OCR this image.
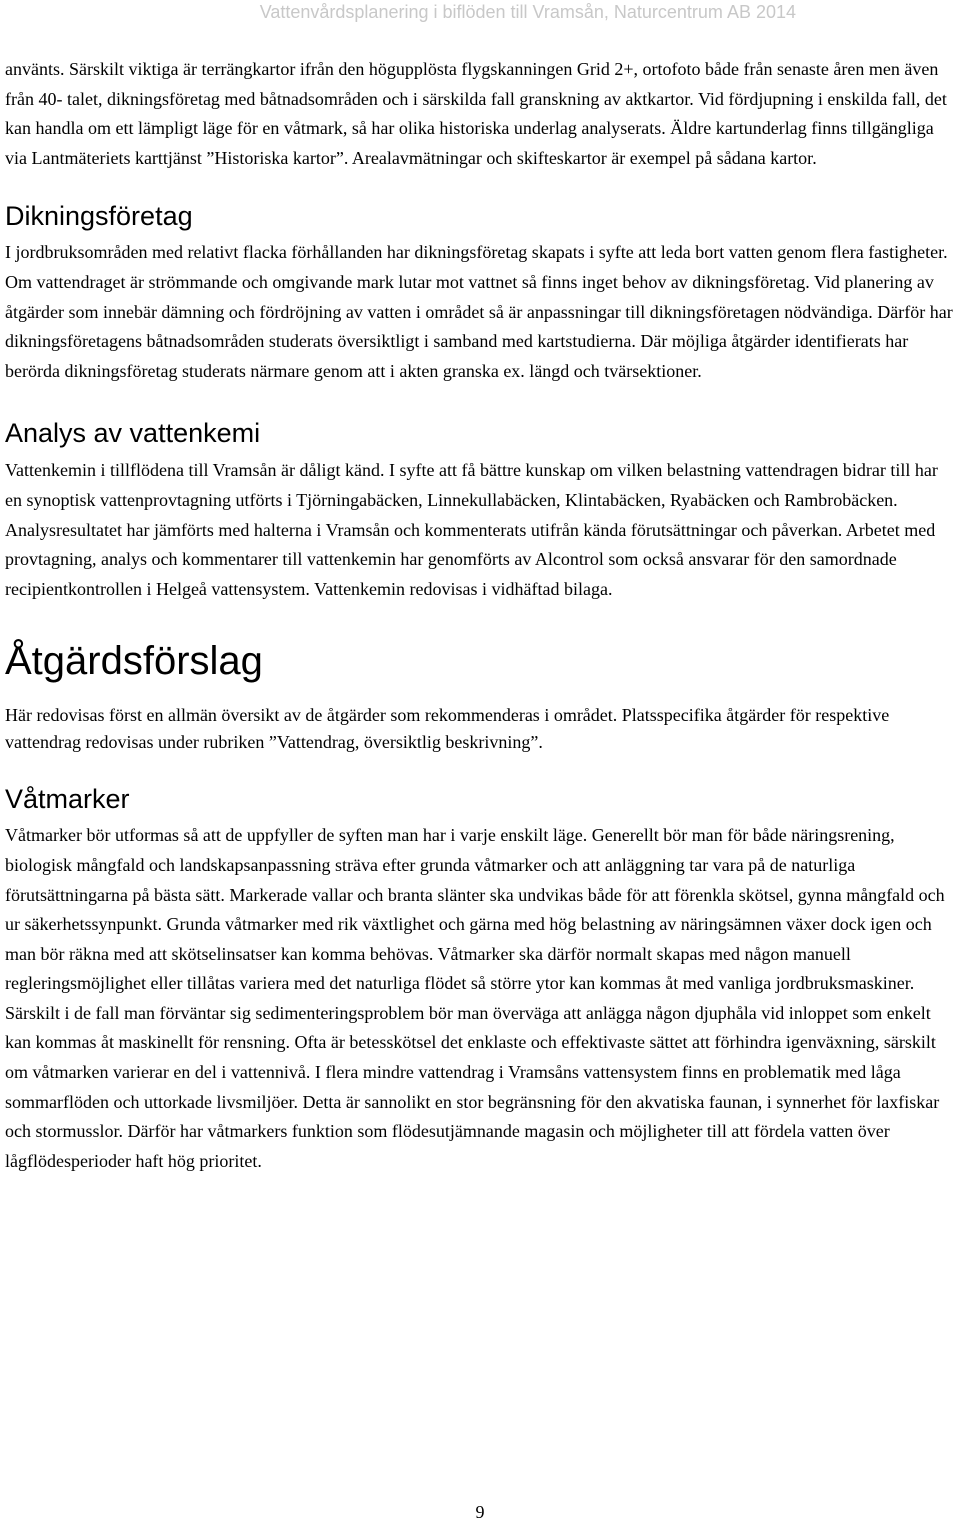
Vattenvårdsplanering i biflöden till Vramsån, Naturcentrum AB 2014

använts. Särskilt viktiga är terrängkartor ifrån den högupplösta flygskanningen Grid 2+, ortofoto både från senaste åren men även från 40- talet, dikningsföretag med båtnadsområden och i särskilda fall granskning av aktkartor. Vid fördjupning i enskilda fall, det kan handla om ett lämpligt läge för en våtmark, så har olika historiska underlag analyserats. Äldre kartunderlag finns tillgängliga via Lantmäteriets karttjänst ”Historiska kartor”. Arealavmätningar och skifteskartor är exempel på sådana kartor.

Dikningsföretag

I jordbruksområden med relativt flacka förhållanden har dikningsföretag skapats i syfte att leda bort vatten genom flera fastigheter. Om vattendraget är strömmande och omgivande mark lutar mot vattnet så finns inget behov av dikningsföretag. Vid planering av åtgärder som innebär dämning och fördröjning av vatten i området så är anpassningar till dikningsföretagen nödvändiga. Därför har dikningsföretagens båtnadsområden studerats översiktligt i samband med kartstudierna. Där möjliga åtgärder identifierats har berörda dikningsföretag studerats närmare genom att i akten granska ex. längd och tvärsektioner.

Analys av vattenkemi

Vattenkemin i tillflödena till Vramsån är dåligt känd. I syfte att få bättre kunskap om vilken belastning vattendragen bidrar till har en synoptisk vattenprovtagning utförts i Tjörningabäcken, Linnekullabäcken, Klintabäcken, Ryabäcken och Rambrobäcken. Analysresultatet har jämförts med halterna i Vramsån och kommenterats utifrån kända förutsättningar och påverkan. Arbetet med provtagning, analys och kommentarer till vattenkemin har genomförts av Alcontrol som också ansvarar för den samordnade recipientkontrollen i Helgeå vattensystem. Vattenkemin redovisas i vidhäftad bilaga.

Åtgärdsförslag

Här redovisas först en allmän översikt av de åtgärder som rekommenderas i området. Platsspecifika åtgärder för respektive vattendrag redovisas under rubriken ”Vattendrag, översiktlig beskrivning”.

Våtmarker

Våtmarker bör utformas så att de uppfyller de syften man har i varje enskilt läge. Generellt bör man för både näringsrening, biologisk mångfald och landskapsanpassning sträva efter grunda våtmarker och att anläggning tar vara på de naturliga förutsättningarna på bästa sätt. Markerade vallar och branta slänter ska undvikas både för att förenkla skötsel, gynna mångfald och ur säkerhetssynpunkt. Grunda våtmarker med rik växtlighet och gärna med hög belastning av näringsämnen växer dock igen och man bör räkna med att skötselinsatser kan komma behövas. Våtmarker ska därför normalt skapas med någon manuell regleringsmöjlighet eller tillåtas variera med det naturliga flödet så större ytor kan kommas åt med vanliga jordbruksmaskiner. Särskilt i de fall man förväntar sig sedimenteringsproblem bör man överväga att anlägga någon djuphåla vid inloppet som enkelt kan kommas åt maskinellt för rensning. Ofta är betesskötsel det enklaste och effektivaste sättet att förhindra igenväxning, särskilt om våtmarken varierar en del i vattennivå. I flera mindre vattendrag i Vramsåns vattensystem finns en problematik med låga sommarflöden och uttorkade livsmiljöer. Detta är sannolikt en stor begränsning för den akvatiska faunan, i synnerhet för laxfiskar och stormusslor. Därför har våtmarkers funktion som flödesutjämnande magasin och möjligheter till att fördela vatten över lågflödesperioder haft hög prioritet.

9
